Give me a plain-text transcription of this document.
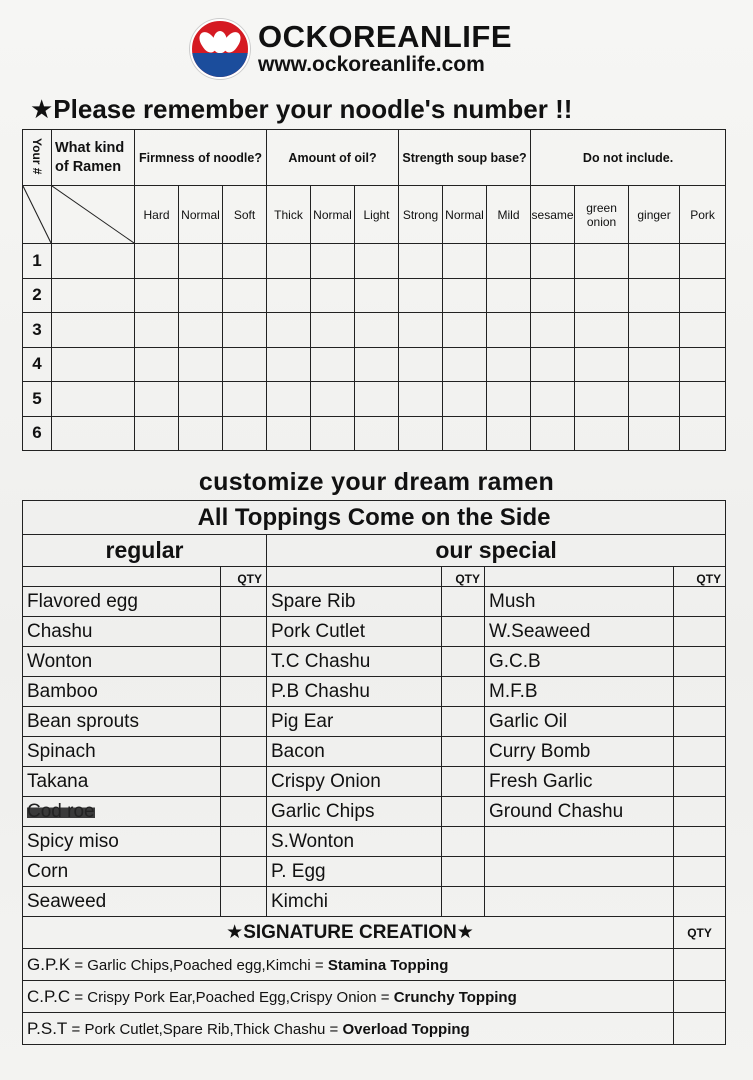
OCKOREANLIFE
www.ockoreanlife.com
★Please remember your noodle's number !!
Your #	What kind of Ramen	Firmness of noodle?			Amount of oil?			Strength soup base?			Do not include.			

	Hard	Normal	Soft	Thick	Normal	Light	Strong	Normal	Mild	sesame	green onion	ginger	Pork
1														
2														
3														
4														
5														
6														
customize your dream ramen
All Toppings Come on the Side					
regular		our special			
	QTY		QTY		QTY
Flavored egg		Spare Rib		Mush	
Chashu		Pork Cutlet		W.Seaweed	
Wonton		T.C Chashu		G.C.B	
Bamboo		P.B Chashu		M.F.B	
Bean sprouts		Pig Ear		Garlic Oil	
Spinach		Bacon		Curry Bomb	
Takana		Crispy Onion		Fresh Garlic	
Cod roe		Garlic Chips		Ground Chashu	
Spicy miso		S.Wonton			
Corn		P. Egg			
Seaweed		Kimchi			
★SIGNATURE CREATION★					QTY
G.P.K = Garlic Chips,Poached egg,Kimchi = Stamina Topping					
C.P.C = Crispy Pork Ear,Poached Egg,Crispy Onion = Crunchy Topping					
P.S.T = Pork Cutlet,Spare Rib,Thick Chashu = Overload Topping					
